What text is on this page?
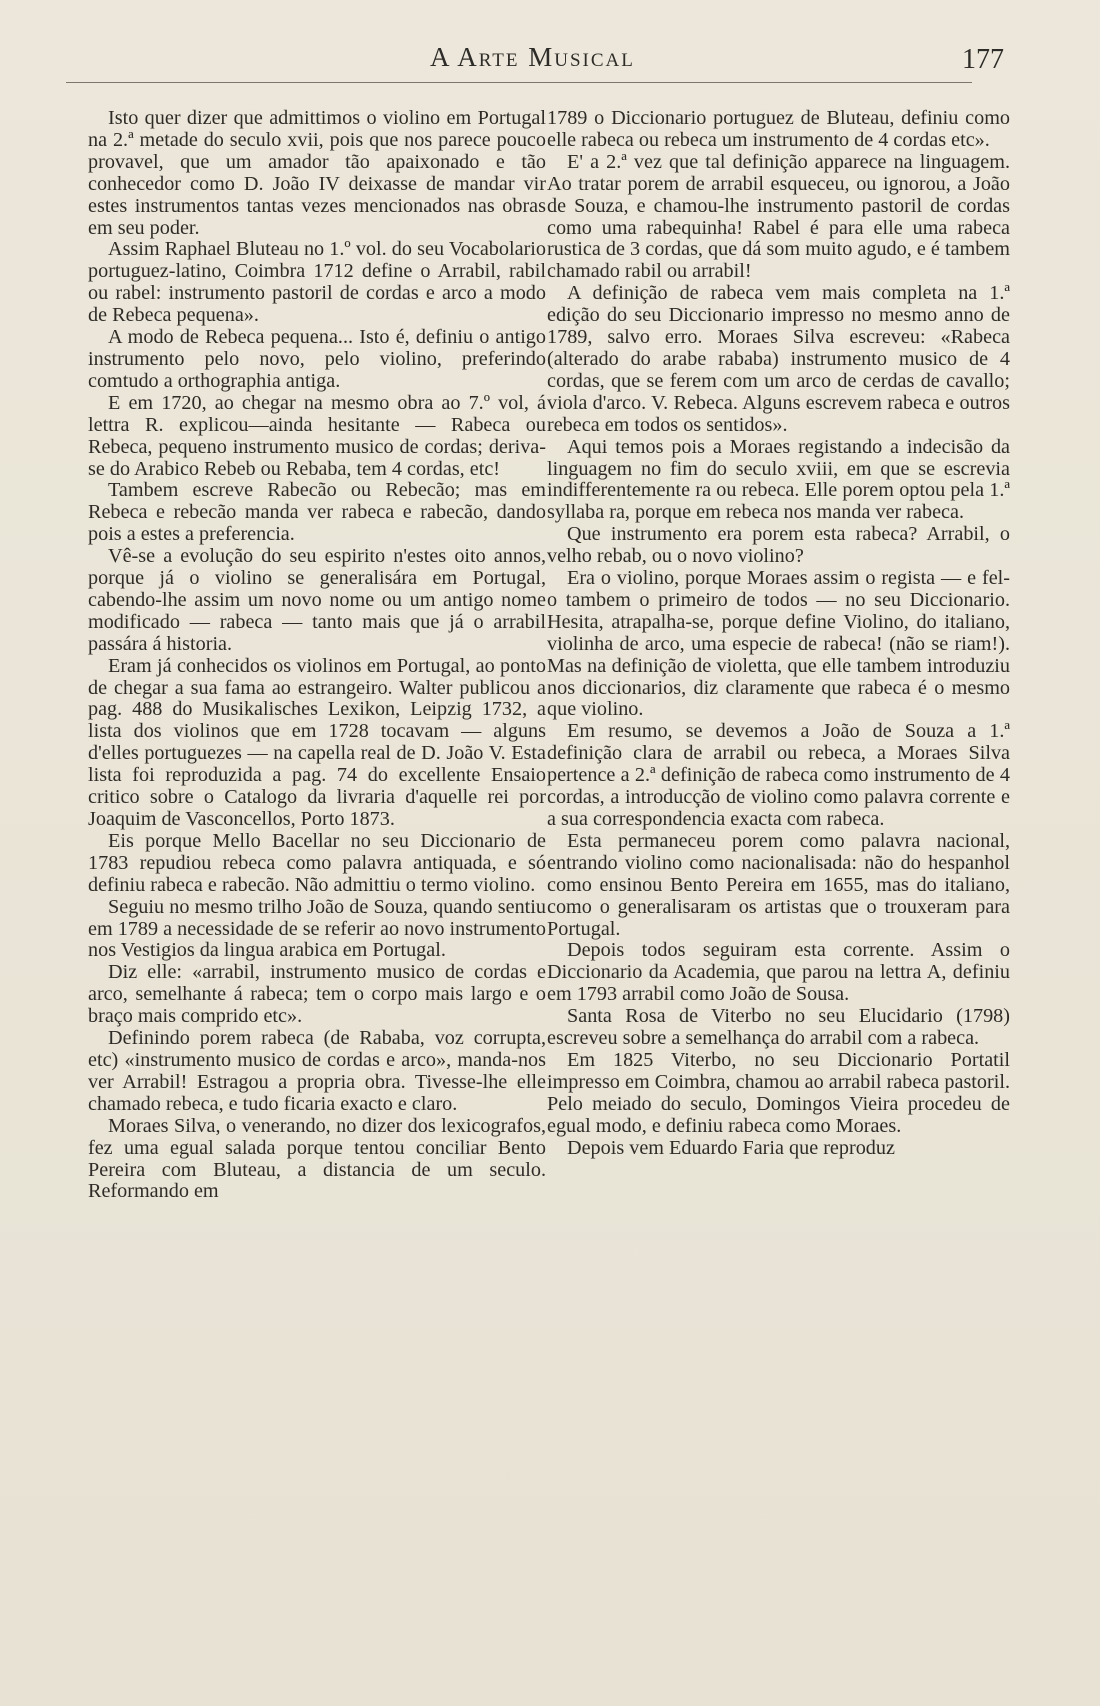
A Arte Musical	177

Isto quer dizer que admittimos o violino em Portugal na 2.ª metade do seculo xvii, pois que nos parece pouco provavel, que um amador tão apaixonado e tão conhecedor como D. João IV deixasse de mandar vir estes instrumentos tantas vezes mencionados nas obras em seu poder.

Assim Raphael Bluteau no 1.º vol. do seu Vocabolario portuguez-latino, Coimbra 1712 define o Arrabil, rabil ou rabel: instrumento pastoril de cordas e arco a modo de Rebeca pequena».

A modo de Rebeca pequena... Isto é, definiu o antigo instrumento pelo novo, pelo violino, preferindo comtudo a orthographia antiga.

E em 1720, ao chegar na mesmo obra ao 7.º vol, á lettra R. explicou—ainda hesitante — Rabeca ou Rebeca, pequeno instrumento musico de cordas; deriva-se do Arabico Rebeb ou Rebaba, tem 4 cordas, etc!

Tambem escreve Rabecão ou Rebecão; mas em Rebeca e rebecão manda ver rabeca e rabecão, dando pois a estes a preferencia.

Vê-se a evolução do seu espirito n'estes oito annos, porque já o violino se generalisára em Portugal, cabendo-lhe assim um novo nome ou um antigo nome modificado — rabeca — tanto mais que já o arrabil passára á historia.

Eram já conhecidos os violinos em Portugal, ao ponto de chegar a sua fama ao estrangeiro. Walter publicou a pag. 488 do Musikalisches Lexikon, Leipzig 1732, a lista dos violinos que em 1728 tocavam — alguns d'elles portuguezes — na capella real de D. João V. Esta lista foi reproduzida a pag. 74 do excellente Ensaio critico sobre o Catalogo da livraria d'aquelle rei por Joaquim de Vasconcellos, Porto 1873.

Eis porque Mello Bacellar no seu Diccionario de 1783 repudiou rebeca como palavra antiquada, e só definiu rabeca e rabecão. Não admittiu o termo violino.

Seguiu no mesmo trilho João de Souza, quando sentiu em 1789 a necessidade de se referir ao novo instrumento nos Vestigios da lingua arabica em Portugal.

Diz elle: «arrabil, instrumento musico de cordas e arco, semelhante á rabeca; tem o corpo mais largo e o braço mais comprido etc».

Definindo porem rabeca (de Rababa, voz corrupta, etc) «instrumento musico de cordas e arco», manda-nos ver Arrabil! Estragou a propria obra. Tivesse-lhe elle chamado rebeca, e tudo ficaria exacto e claro.

Moraes Silva, o venerando, no dizer dos lexicografos, fez uma egual salada porque tentou conciliar Bento Pereira com Bluteau, a distancia de um seculo. Reformando em

1789 o Diccionario portuguez de Bluteau, definiu como elle rabeca ou rebeca um instrumento de 4 cordas etc».

E' a 2.ª vez que tal definição apparece na linguagem. Ao tratar porem de arrabil esqueceu, ou ignorou, a João de Souza, e chamou-lhe instrumento pastoril de cordas como uma rabequinha! Rabel é para elle uma rabeca rustica de 3 cordas, que dá som muito agudo, e é tambem chamado rabil ou arrabil!

A definição de rabeca vem mais completa na 1.ª edição do seu Diccionario impresso no mesmo anno de 1789, salvo erro. Moraes Silva escreveu: «Rabeca (alterado do arabe rababa) instrumento musico de 4 cordas, que se ferem com um arco de cerdas de cavallo; viola d'arco. V. Rebeca. Alguns escrevem rabeca e outros rebeca em todos os sentidos».

Aqui temos pois a Moraes registando a indecisão da linguagem no fim do seculo xviii, em que se escrevia indifferentemente ra ou rebeca. Elle porem optou pela 1.ª syllaba ra, porque em rebeca nos manda ver rabeca.

Que instrumento era porem esta rabeca? Arrabil, o velho rebab, ou o novo violino?

Era o violino, porque Moraes assim o regista — e fel-o tambem o primeiro de todos — no seu Diccionario. Hesita, atrapalha-se, porque define Violino, do italiano, violinha de arco, uma especie de rabeca! (não se riam!). Mas na definição de violetta, que elle tambem introduziu nos diccionarios, diz claramente que rabeca é o mesmo que violino.

Em resumo, se devemos a João de Souza a 1.ª definição clara de arrabil ou rebeca, a Moraes Silva pertence a 2.ª definição de rabeca como instrumento de 4 cordas, a introducção de violino como palavra corrente e a sua correspondencia exacta com rabeca.

Esta permaneceu porem como palavra nacional, entrando violino como nacionalisada: não do hespanhol como ensinou Bento Pereira em 1655, mas do italiano, como o generalisaram os artistas que o trouxeram para Portugal.

Depois todos seguiram esta corrente. Assim o Diccionario da Academia, que parou na lettra A, definiu em 1793 arrabil como João de Sousa.

Santa Rosa de Viterbo no seu Elucidario (1798) escreveu sobre a semelhança do arrabil com a rabeca.

Em 1825 Viterbo, no seu Diccionario Portatil impresso em Coimbra, chamou ao arrabil rabeca pastoril. Pelo meiado do seculo, Domingos Vieira procedeu de egual modo, e definiu rabeca como Moraes.

Depois vem Eduardo Faria que reproduz
